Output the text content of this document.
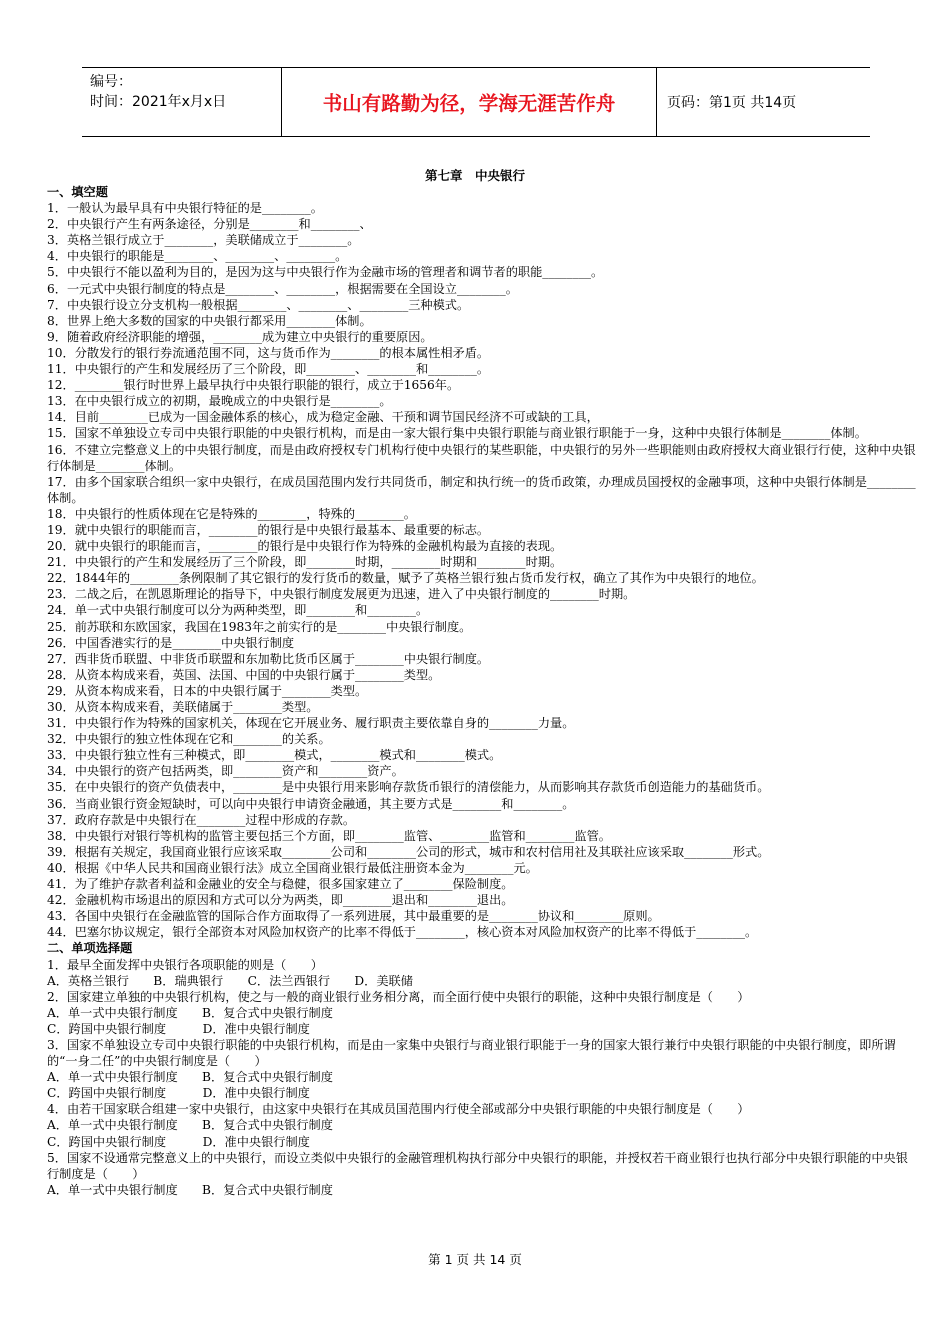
编号：
时间：2021年x月x日	书山有路勤为径，学海无涯苦作舟	页码：第1页 共14页
第七章　中央银行

一、填空题

1．一般认为最早具有中央银行特征的是________。

2．中央银行产生有两条途径，分别是________和________、

3．英格兰银行成立于________，美联储成立于________。

4．中央银行的职能是________、________、________。

5．中央银行不能以盈利为目的，是因为这与中央银行作为金融市场的管理者和调节者的职能________。

6．一元式中央银行制度的特点是________、________，根据需要在全国设立________。

7．中央银行设立分支机构一般根据________、________、________三种模式。

8．世界上绝大多数的国家的中央银行都采用________体制。

9．随着政府经济职能的增强，________成为建立中央银行的重要原因。

10．分散发行的银行券流通范围不同，这与货币作为________的根本属性相矛盾。

11．中央银行的产生和发展经历了三个阶段，即________、________和________。

12．________银行时世界上最早执行中央银行职能的银行，成立于1656年。

13．在中央银行成立的初期，最晚成立的中央银行是________。

14．目前________已成为一国金融体系的核心，成为稳定金融、干预和调节国民经济不可或缺的工具，

15．国家不单独设立专司中央银行职能的中央银行机构，而是由一家大银行集中央银行职能与商业银行职能于一身，这种中央银行体制是________体制。

16．不建立完整意义上的中央银行制度，而是由政府授权专门机构行使中央银行的某些职能，中央银行的另外一些职能则由政府授权大商业银行行使，这种中央银行体制是________体制。

17．由多个国家联合组织一家中央银行，在成员国范围内发行共同货币，制定和执行统一的货币政策，办理成员国授权的金融事项，这种中央银行体制是________体制。

18．中央银行的性质体现在它是特殊的________，特殊的________。

19．就中央银行的职能而言，________的银行是中央银行最基本、最重要的标志。

20．就中央银行的职能而言，________的银行是中央银行作为特殊的金融机构最为直接的表现。

21．中央银行的产生和发展经历了三个阶段，即________时期，________时期和________时期。

22．1844年的________条例限制了其它银行的发行货币的数量，赋予了英格兰银行独占货币发行权，确立了其作为中央银行的地位。

23．二战之后，在凯恩斯理论的指导下，中央银行制度发展更为迅速，进入了中央银行制度的________时期。

24．单一式中央银行制度可以分为两种类型，即________和________。

25．前苏联和东欧国家，我国在1983年之前实行的是________中央银行制度。

26．中国香港实行的是________中央银行制度

27．西非货币联盟、中非货币联盟和东加勒比货币区属于________中央银行制度。

28．从资本构成来看，英国、法国、中国的中央银行属于________类型。

29．从资本构成来看，日本的中央银行属于________类型。

30．从资本构成来看，美联储属于________类型。

31．中央银行作为特殊的国家机关，体现在它开展业务、履行职责主要依靠自身的________力量。

32．中央银行的独立性体现在它和________的关系。

33．中央银行独立性有三种模式，即________模式，________模式和________模式。

34．中央银行的资产包括两类，即________资产和________资产。

35．在中央银行的资产负债表中，________是中央银行用来影响存款货币银行的清偿能力，从而影响其存款货币创造能力的基础货币。

36．当商业银行资金短缺时，可以向中央银行申请资金融通，其主要方式是________和________。

37．政府存款是中央银行在________过程中形成的存款。

38．中央银行对银行等机构的监管主要包括三个方面，即________监管、________监管和________监管。

39．根据有关规定，我国商业银行应该采取________公司和________公司的形式，城市和农村信用社及其联社应该采取________形式。

40．根据《中华人民共和国商业银行法》成立全国商业银行最低注册资本金为________元。

41．为了维护存款者利益和金融业的安全与稳健，很多国家建立了________保险制度。

42．金融机构市场退出的原因和方式可以分为两类，即________退出和________退出。

43．各国中央银行在金融监管的国际合作方面取得了一系列进展，其中最重要的是________协议和________原则。

44．巴塞尔协议规定，银行全部资本对风险加权资产的比率不得低于________，核心资本对风险加权资产的比率不得低于________。

二、单项选择题

1．最早全面发挥中央银行各项职能的则是（　　）

A．英格兰银行　　B．瑞典银行　　C．法兰西银行　　D．美联储

2．国家建立单独的中央银行机构，使之与一般的商业银行业务相分离，而全面行使中央银行的职能，这种中央银行制度是（　　）

A．单一式中央银行制度　　B．复合式中央银行制度

C．跨国中央银行制度　　　D．准中央银行制度

3．国家不单独设立专司中央银行职能的中央银行机构，而是由一家集中央银行与商业银行职能于一身的国家大银行兼行中央银行职能的中央银行制度，即所谓的“一身二任”的中央银行制度是（　　）

A．单一式中央银行制度　　B．复合式中央银行制度

C．跨国中央银行制度　　　D．准中央银行制度

4．由若干国家联合组建一家中央银行，由这家中央银行在其成员国范围内行使全部或部分中央银行职能的中央银行制度是（　　）

A．单一式中央银行制度　　B．复合式中央银行制度

C．跨国中央银行制度　　　D．准中央银行制度

5．国家不设通常完整意义上的中央银行，而设立类似中央银行的金融管理机构执行部分中央银行的职能，并授权若干商业银行也执行部分中央银行职能的中央银行制度是（　　）

A．单一式中央银行制度　　B．复合式中央银行制度

第 1 页 共 14 页
